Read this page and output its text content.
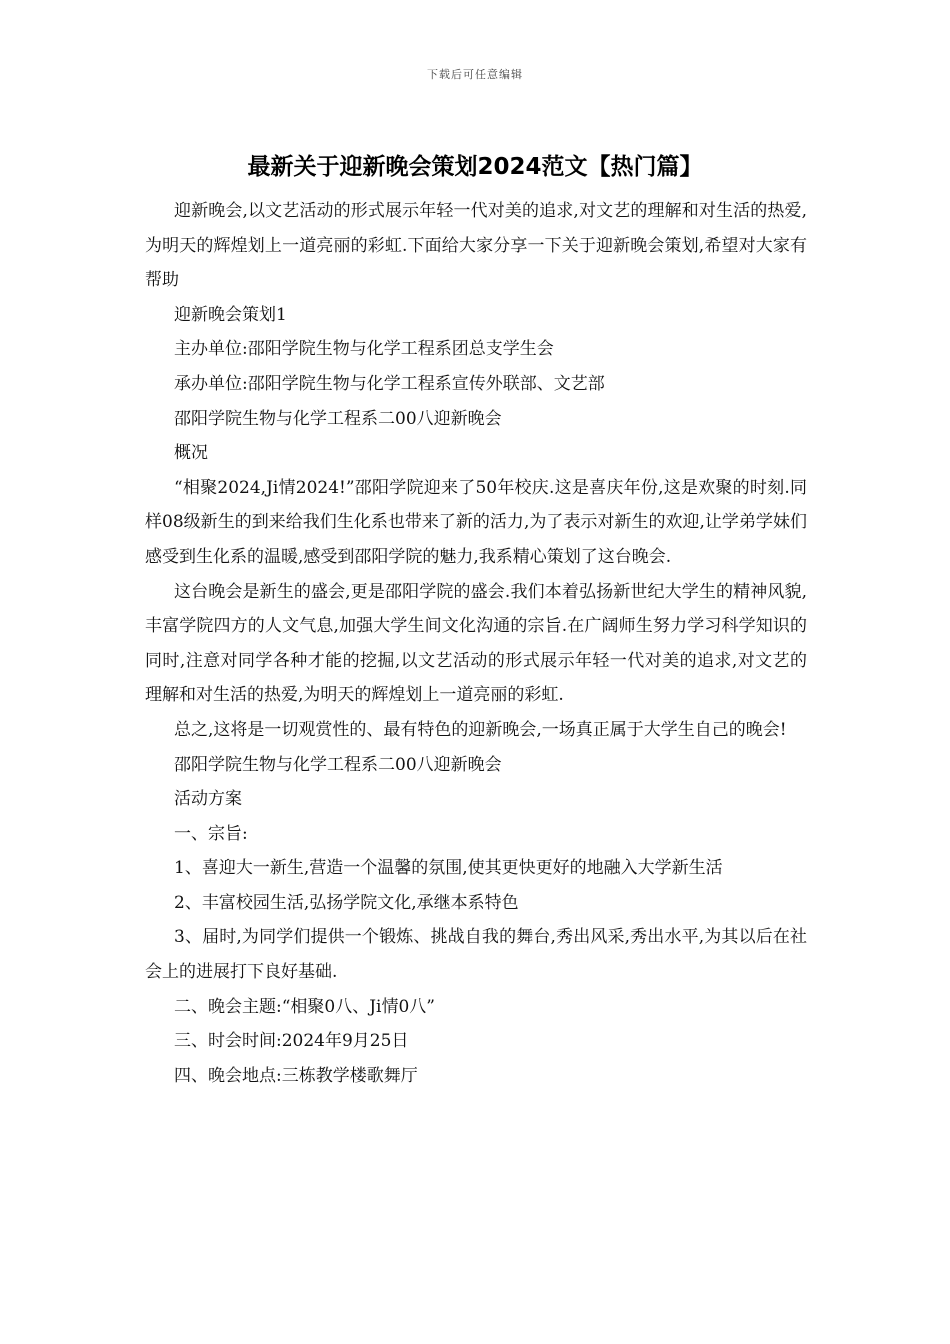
下载后可任意编辑
最新关于迎新晚会策划2024范文【热门篇】

迎新晚会,以文艺活动的形式展示年轻一代对美的追求,对文艺的理解和对生活的热爱,为明天的辉煌划上一道亮丽的彩虹.下面给大家分享一下关于迎新晚会策划,希望对大家有帮助

迎新晚会策划1

主办单位:邵阳学院生物与化学工程系团总支学生会

承办单位:邵阳学院生物与化学工程系宣传外联部、文艺部

邵阳学院生物与化学工程系二00八迎新晚会

概况

“相聚2024,Ji情2024!”邵阳学院迎来了50年校庆.这是喜庆年份,这是欢聚的时刻.同样08级新生的到来给我们生化系也带来了新的活力,为了表示对新生的欢迎,让学弟学妹们感受到生化系的温暖,感受到邵阳学院的魅力,我系精心策划了这台晚会.

这台晚会是新生的盛会,更是邵阳学院的盛会.我们本着弘扬新世纪大学生的精神风貌,丰富学院四方的人文气息,加强大学生间文化沟通的宗旨.在广阔师生努力学习科学知识的同时,注意对同学各种才能的挖掘,以文艺活动的形式展示年轻一代对美的追求,对文艺的理解和对生活的热爱,为明天的辉煌划上一道亮丽的彩虹.

总之,这将是一切观赏性的、最有特色的迎新晚会,一场真正属于大学生自己的晚会!

邵阳学院生物与化学工程系二00八迎新晚会

活动方案

一、宗旨:

1、喜迎大一新生,营造一个温馨的氛围,使其更快更好的地融入大学新生活

2、丰富校园生活,弘扬学院文化,承继本系特色

3、届时,为同学们提供一个锻炼、挑战自我的舞台,秀出风采,秀出水平,为其以后在社会上的进展打下良好基础.

二、晚会主题:“相聚0八、Ji情0八”

三、时会时间:2024年9月25日

四、晚会地点:三栋教学楼歌舞厅
